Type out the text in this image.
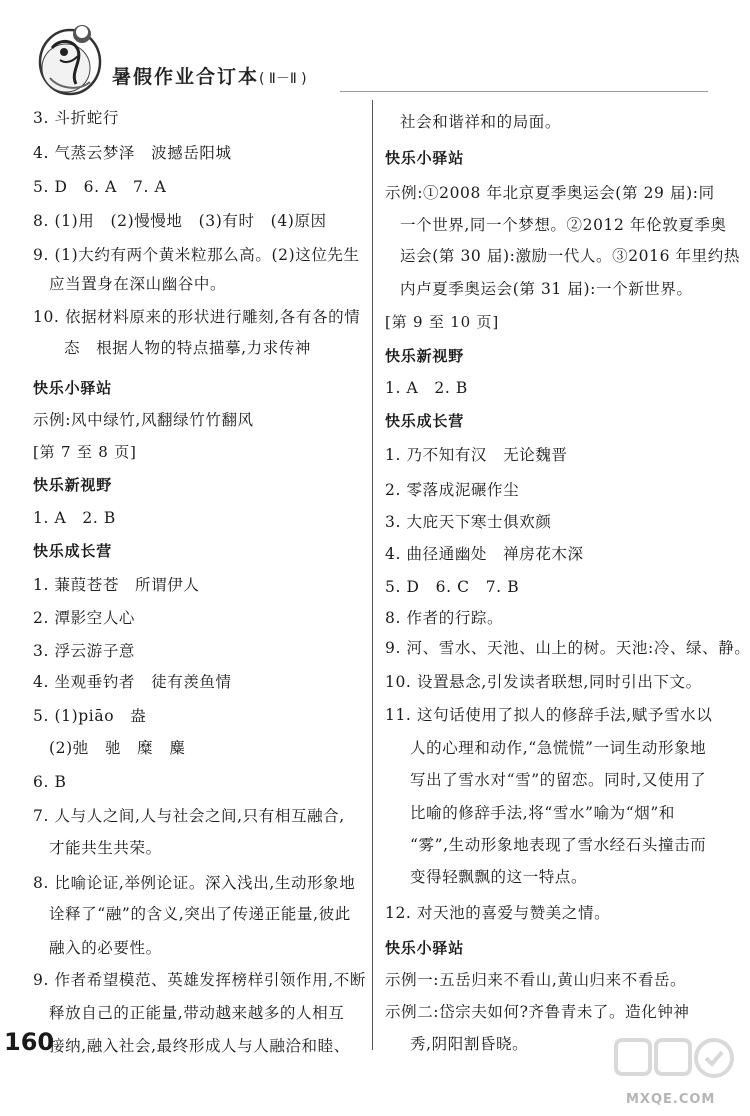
暑假作业合订本( Ⅱ－Ⅱ )
3. 斗折蛇行
4. 气蒸云梦泽　波撼岳阳城
5. D　6. A　7. A
8. (1)用　(2)慢慢地　(3)有时　(4)原因
9. (1)大约有两个黄米粒那么高。(2)这位先生
应当置身在深山幽谷中。
10. 依据材料原来的形状进行雕刻,各有各的情
态　根据人物的特点描摹,力求传神
快乐小驿站
示例:风中绿竹,风翻绿竹竹翻风
[第 7 至 8 页]
快乐新视野
1. A　2. B
快乐成长营
1. 蒹葭苍苍　所谓伊人
2. 潭影空人心
3. 浮云游子意
4. 坐观垂钓者　徒有羡鱼情
5. (1)piāo　盎
(2)弛　驰　糜　麋
6. B
7. 人与人之间,人与社会之间,只有相互融合,
才能共生共荣。
8. 比喻论证,举例论证。深入浅出,生动形象地
诠释了“融”的含义,突出了传递正能量,彼此
融入的必要性。
9. 作者希望模范、英雄发挥榜样引领作用,不断
释放自己的正能量,带动越来越多的人相互
接纳,融入社会,最终形成人与人融洽和睦、
社会和谐祥和的局面。
快乐小驿站
示例:①2008 年北京夏季奥运会(第 29 届):同
一个世界,同一个梦想。②2012 年伦敦夏季奥
运会(第 30 届):激励一代人。③2016 年里约热
内卢夏季奥运会(第 31 届):一个新世界。
[第 9 至 10 页]
快乐新视野
1. A　2. B
快乐成长营
1. 乃不知有汉　无论魏晋
2. 零落成泥碾作尘
3. 大庇天下寒士俱欢颜
4. 曲径通幽处　禅房花木深
5. D　6. C　7. B
8. 作者的行踪。
9. 河、雪水、天池、山上的树。天池:冷、绿、静。
10. 设置悬念,引发读者联想,同时引出下文。
11. 这句话使用了拟人的修辞手法,赋予雪水以
人的心理和动作,“急慌慌”一词生动形象地
写出了雪水对“雪”的留恋。同时,又使用了
比喻的修辞手法,将“雪水”喻为“烟”和
“雾”,生动形象地表现了雪水经石头撞击而
变得轻飘飘的这一特点。
12. 对天池的喜爱与赞美之情。
快乐小驿站
示例一:五岳归来不看山,黄山归来不看岳。
示例二:岱宗夫如何?齐鲁青未了。造化钟神
秀,阴阳割昏晓。
160
MXQE.COM
